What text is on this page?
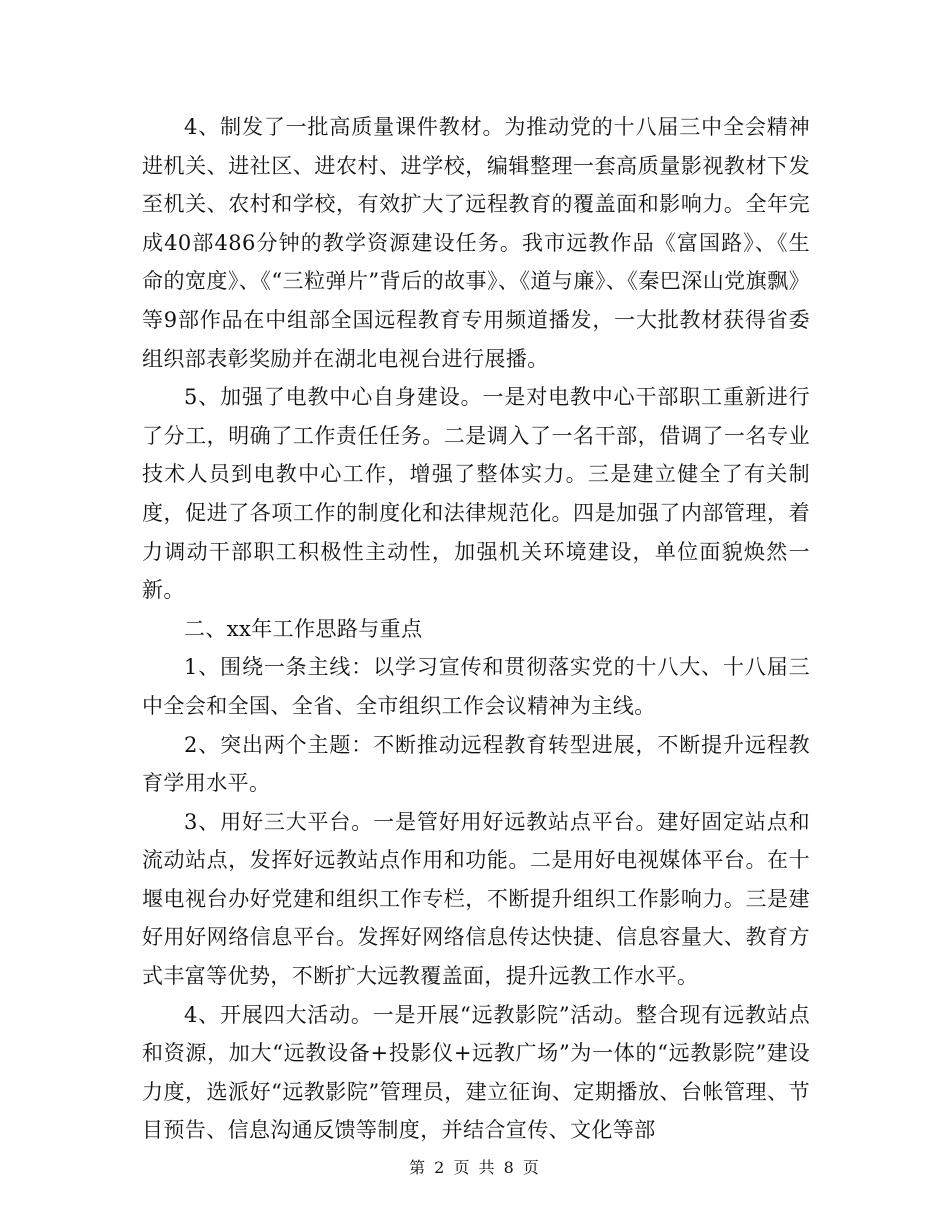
4、制发了一批高质量课件教材。为推动党的十八届三中全会精神进机关、进社区、进农村、进学校，编辑整理一套高质量影视教材下发至机关、农村和学校，有效扩大了远程教育的覆盖面和影响力。全年完成40部486分钟的教学资源建设任务。我市远教作品《富国路》、《生命的宽度》、《“三粒弹片”背后的故事》、《道与廉》、《秦巴深山党旗飘》等9部作品在中组部全国远程教育专用频道播发，一大批教材获得省委组织部表彰奖励并在湖北电视台进行展播。

5、加强了电教中心自身建设。一是对电教中心干部职工重新进行了分工，明确了工作责任任务。二是调入了一名干部，借调了一名专业技术人员到电教中心工作，增强了整体实力。三是建立健全了有关制度，促进了各项工作的制度化和法律规范化。四是加强了内部管理，着力调动干部职工积极性主动性，加强机关环境建设，单位面貌焕然一新。

二、xx年工作思路与重点

1、围绕一条主线：以学习宣传和贯彻落实党的十八大、十八届三中全会和全国、全省、全市组织工作会议精神为主线。

2、突出两个主题：不断推动远程教育转型进展，不断提升远程教育学用水平。

3、用好三大平台。一是管好用好远教站点平台。建好固定站点和流动站点，发挥好远教站点作用和功能。二是用好电视媒体平台。在十堰电视台办好党建和组织工作专栏，不断提升组织工作影响力。三是建好用好网络信息平台。发挥好网络信息传达快捷、信息容量大、教育方式丰富等优势，不断扩大远教覆盖面，提升远教工作水平。

4、开展四大活动。一是开展“远教影院”活动。整合现有远教站点和资源，加大“远教设备+投影仪+远教广场”为一体的“远教影院”建设力度，选派好“远教影院”管理员，建立征询、定期播放、台帐管理、节目预告、信息沟通反馈等制度，并结合宣传、文化等部

第 2 页 共 8 页
